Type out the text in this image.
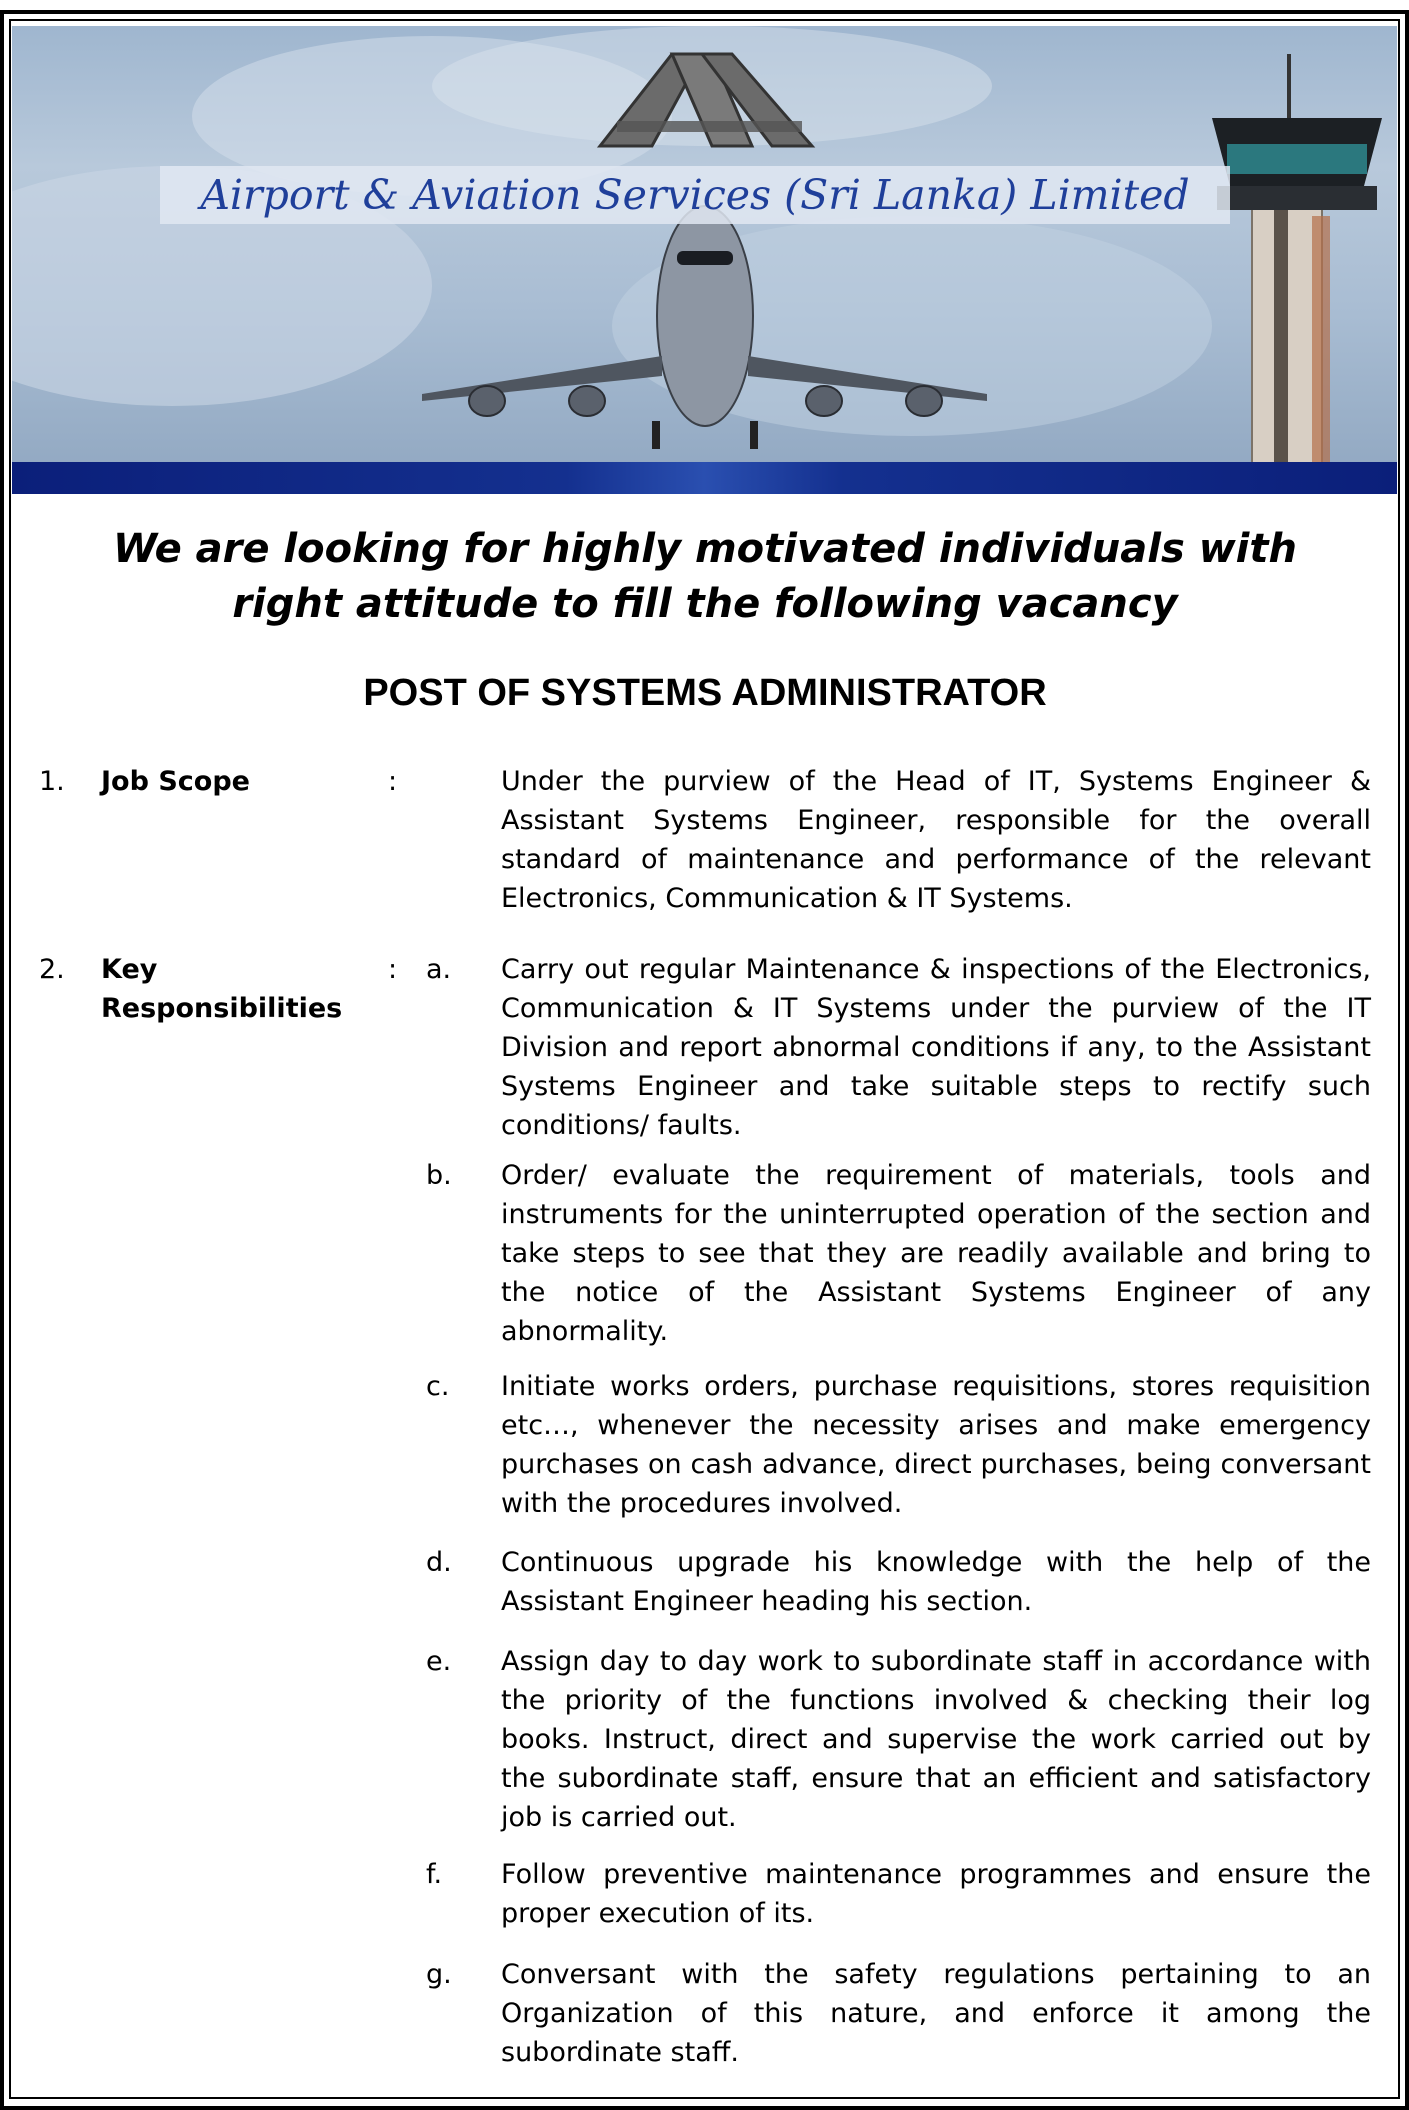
Airport & Aviation Services (Sri Lanka) Limited
We are looking for highly motivated individuals with right attitude to fill the following vacancy
POST OF SYSTEMS ADMINISTRATOR
1. Job Scope	:	Under the purview of the Head of IT, Systems Engineer & Assistant Systems Engineer, responsible for the overall standard of maintenance and performance of the relevant Electronics, Communication & IT Systems.

2. Key Responsibilities
: a. Carry out regular Maintenance & inspections of the Electronics, Communication & IT Systems under the purview of the IT Division and report abnormal conditions if any, to the Assistant Systems Engineer and take suitable steps to rectify such conditions/ faults.

b. Order/ evaluate the requirement of materials, tools and instruments for the uninterrupted operation of the section and take steps to see that they are readily available and bring to the notice of the Assistant Systems Engineer of any abnormality.

c. Initiate works orders, purchase requisitions, stores requisition etc…, whenever the necessity arises and make emergency purchases on cash advance, direct purchases, being conversant with the procedures involved.

d. Continuous upgrade his knowledge with the help of the Assistant Engineer heading his section.

e. Assign day to day work to subordinate staff in accordance with the priority of the functions involved & checking their log books. Instruct, direct and supervise the work carried out by the subordinate staff, ensure that an efficient and satisfactory job is carried out.

f. Follow preventive maintenance programmes and ensure the proper execution of its.

g. Conversant with the safety regulations pertaining to an Organization of this nature, and enforce it among the subordinate staff.
